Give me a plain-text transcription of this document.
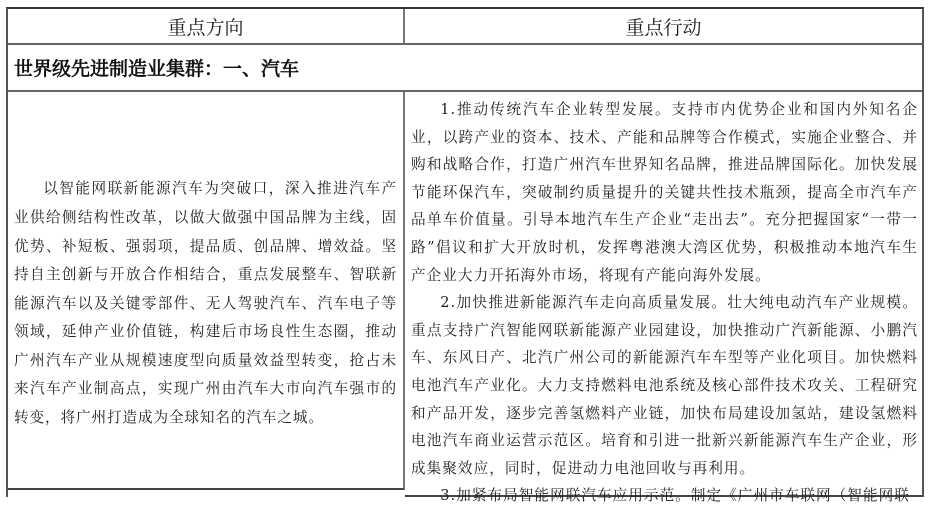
重点方向	重点行动
世界级先进制造业集群：一、汽车

以智能网联新能源汽车为突破口，深入推进汽车产业供给侧结构性改革，以做大做强中国品牌为主线，固优势、补短板、强弱项，提品质、创品牌、增效益。坚持自主创新与开放合作相结合，重点发展整车、智联新能源汽车以及关键零部件、无人驾驶汽车、汽车电子等领域，延伸产业价值链，构建后市场良性生态圈，推动广州汽车产业从规模速度型向质量效益型转变，抢占未来汽车产业制高点，实现广州由汽车大市向汽车强市的转变，将广州打造成为全球知名的汽车之城。

1.推动传统汽车企业转型发展。支持市内优势企业和国内外知名企业，以跨产业的资本、技术、产能和品牌等合作模式，实施企业整合、并购和战略合作，打造广州汽车世界知名品牌，推进品牌国际化。加快发展节能环保汽车，突破制约质量提升的关键共性技术瓶颈，提高全市汽车产品单车价值量。引导本地汽车生产企业“走出去”。充分把握国家“一带一路”倡议和扩大开放时机，发挥粤港澳大湾区优势，积极推动本地汽车生产企业大力开拓海外市场，将现有产能向海外发展。

2.加快推进新能源汽车走向高质量发展。壮大纯电动汽车产业规模。重点支持广汽智能网联新能源产业园建设，加快推动广汽新能源、小鹏汽车、东风日产、北汽广州公司的新能源汽车车型等产业化项目。加快燃料电池汽车产业化。大力支持燃料电池系统及核心部件技术攻关、工程研究和产品开发，逐步完善氢燃料产业链，加快布局建设加氢站，建设氢燃料电池汽车商业运营示范区。培育和引进一批新兴新能源汽车生产企业，形成集聚效应，同时，促进动力电池回收与再利用。

3.加紧布局智能网联汽车应用示范。制定《广州市车联网（智能网联
